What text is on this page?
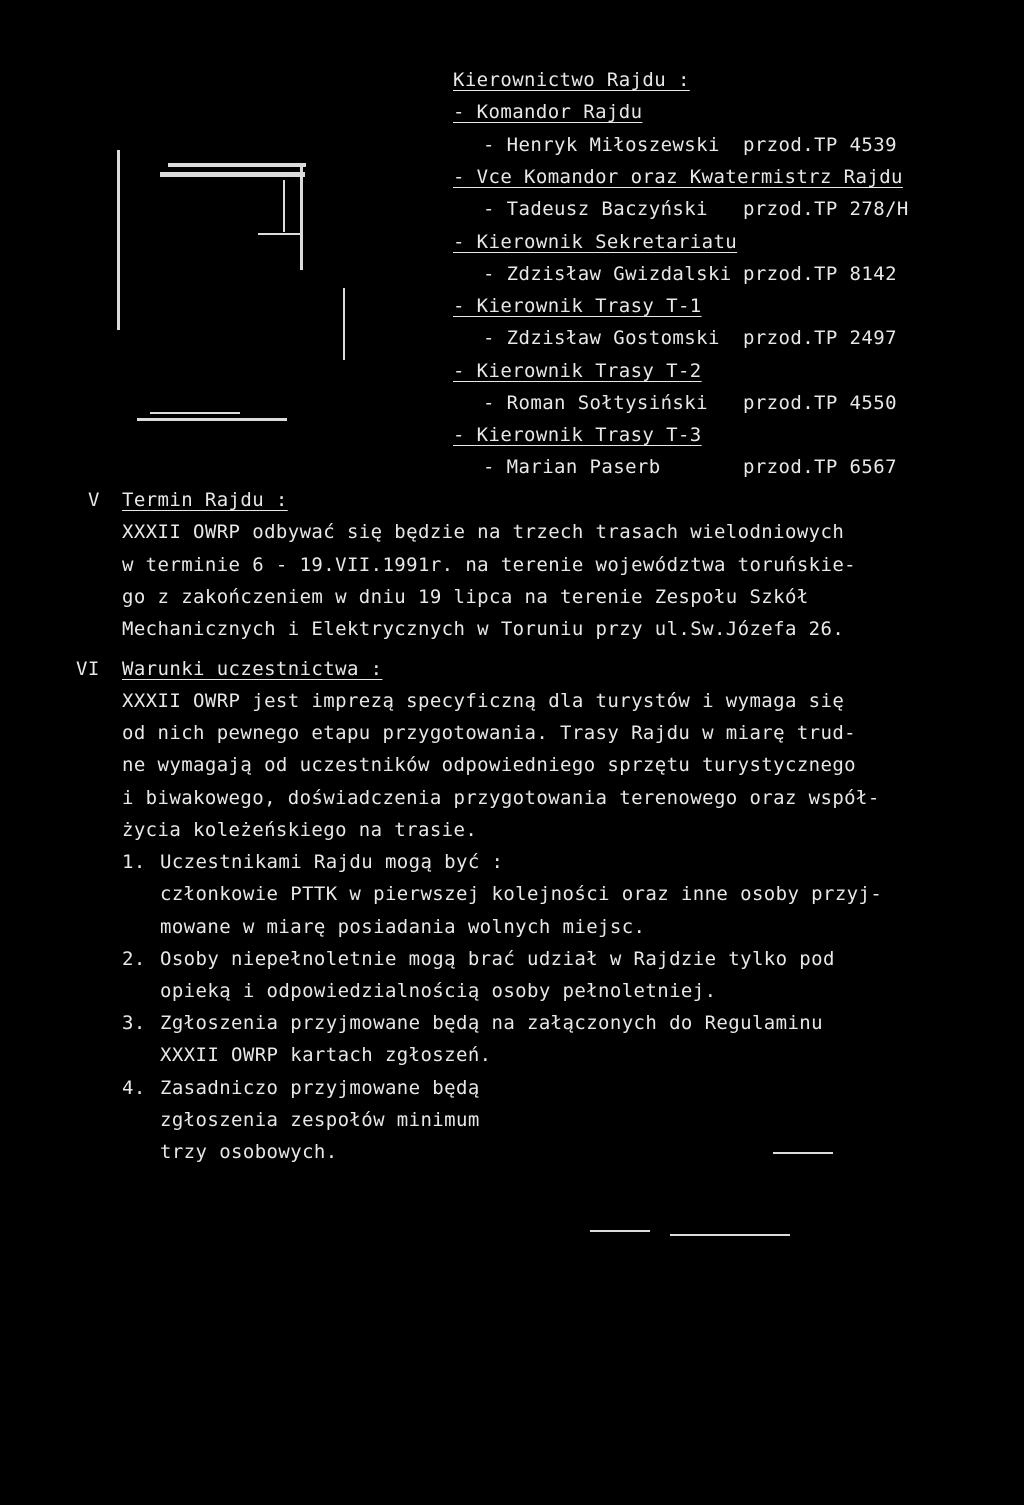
Kierownictwo Rajdu :
- Komandor Rajdu
- Henryk Miłoszewski przod.TP 4539
- Vce Komandor oraz Kwatermistrz Rajdu
- Tadeusz Baczyński przod.TP 278/H
- Kierownik Sekretariatu
- Zdzisław Gwizdalski przod.TP 8142
- Kierownik Trasy T-1
- Zdzisław Gostomski przod.TP 2497
- Kierownik Trasy T-2
- Roman Sołtysiński przod.TP 4550
- Kierownik Trasy T-3
- Marian Paserb	przod.TP 6567
V Termin Rajdu :
XXXII OWRP odbywać się będzie na trzech trasach wielodniowych
w terminie 6 - 19.VII.1991r. na terenie województwa toruńskie-
go z zakończeniem w dniu 19 lipca na terenie Zespołu Szkół
Mechanicznych i Elektrycznych w Toruniu przy ul.Sw.Józefa 26.
VI Warunki uczestnictwa :
XXXII OWRP jest imprezą specyficzną dla turystów i wymaga się
od nich pewnego etapu przygotowania. Trasy Rajdu w miarę trud-
ne wymagają od uczestników odpowiedniego sprzętu turystycznego
i biwakowego, doświadczenia przygotowania terenowego oraz współ-
życia koleżeńskiego na trasie.
1. Uczestnikami Rajdu mogą być :
członkowie PTTK w pierwszej kolejności oraz inne osoby przyj-
mowane w miarę posiadania wolnych miejsc.
2. Osoby niepełnoletnie mogą brać udział w Rajdzie tylko pod
opieką i odpowiedzialnością osoby pełnoletniej.
3. Zgłoszenia przyjmowane będą na załączonych do Regulaminu
XXXII OWRP kartach zgłoszeń.
4. Zasadniczo przyjmowane będą
zgłoszenia zespołów minimum
trzy osobowych.
